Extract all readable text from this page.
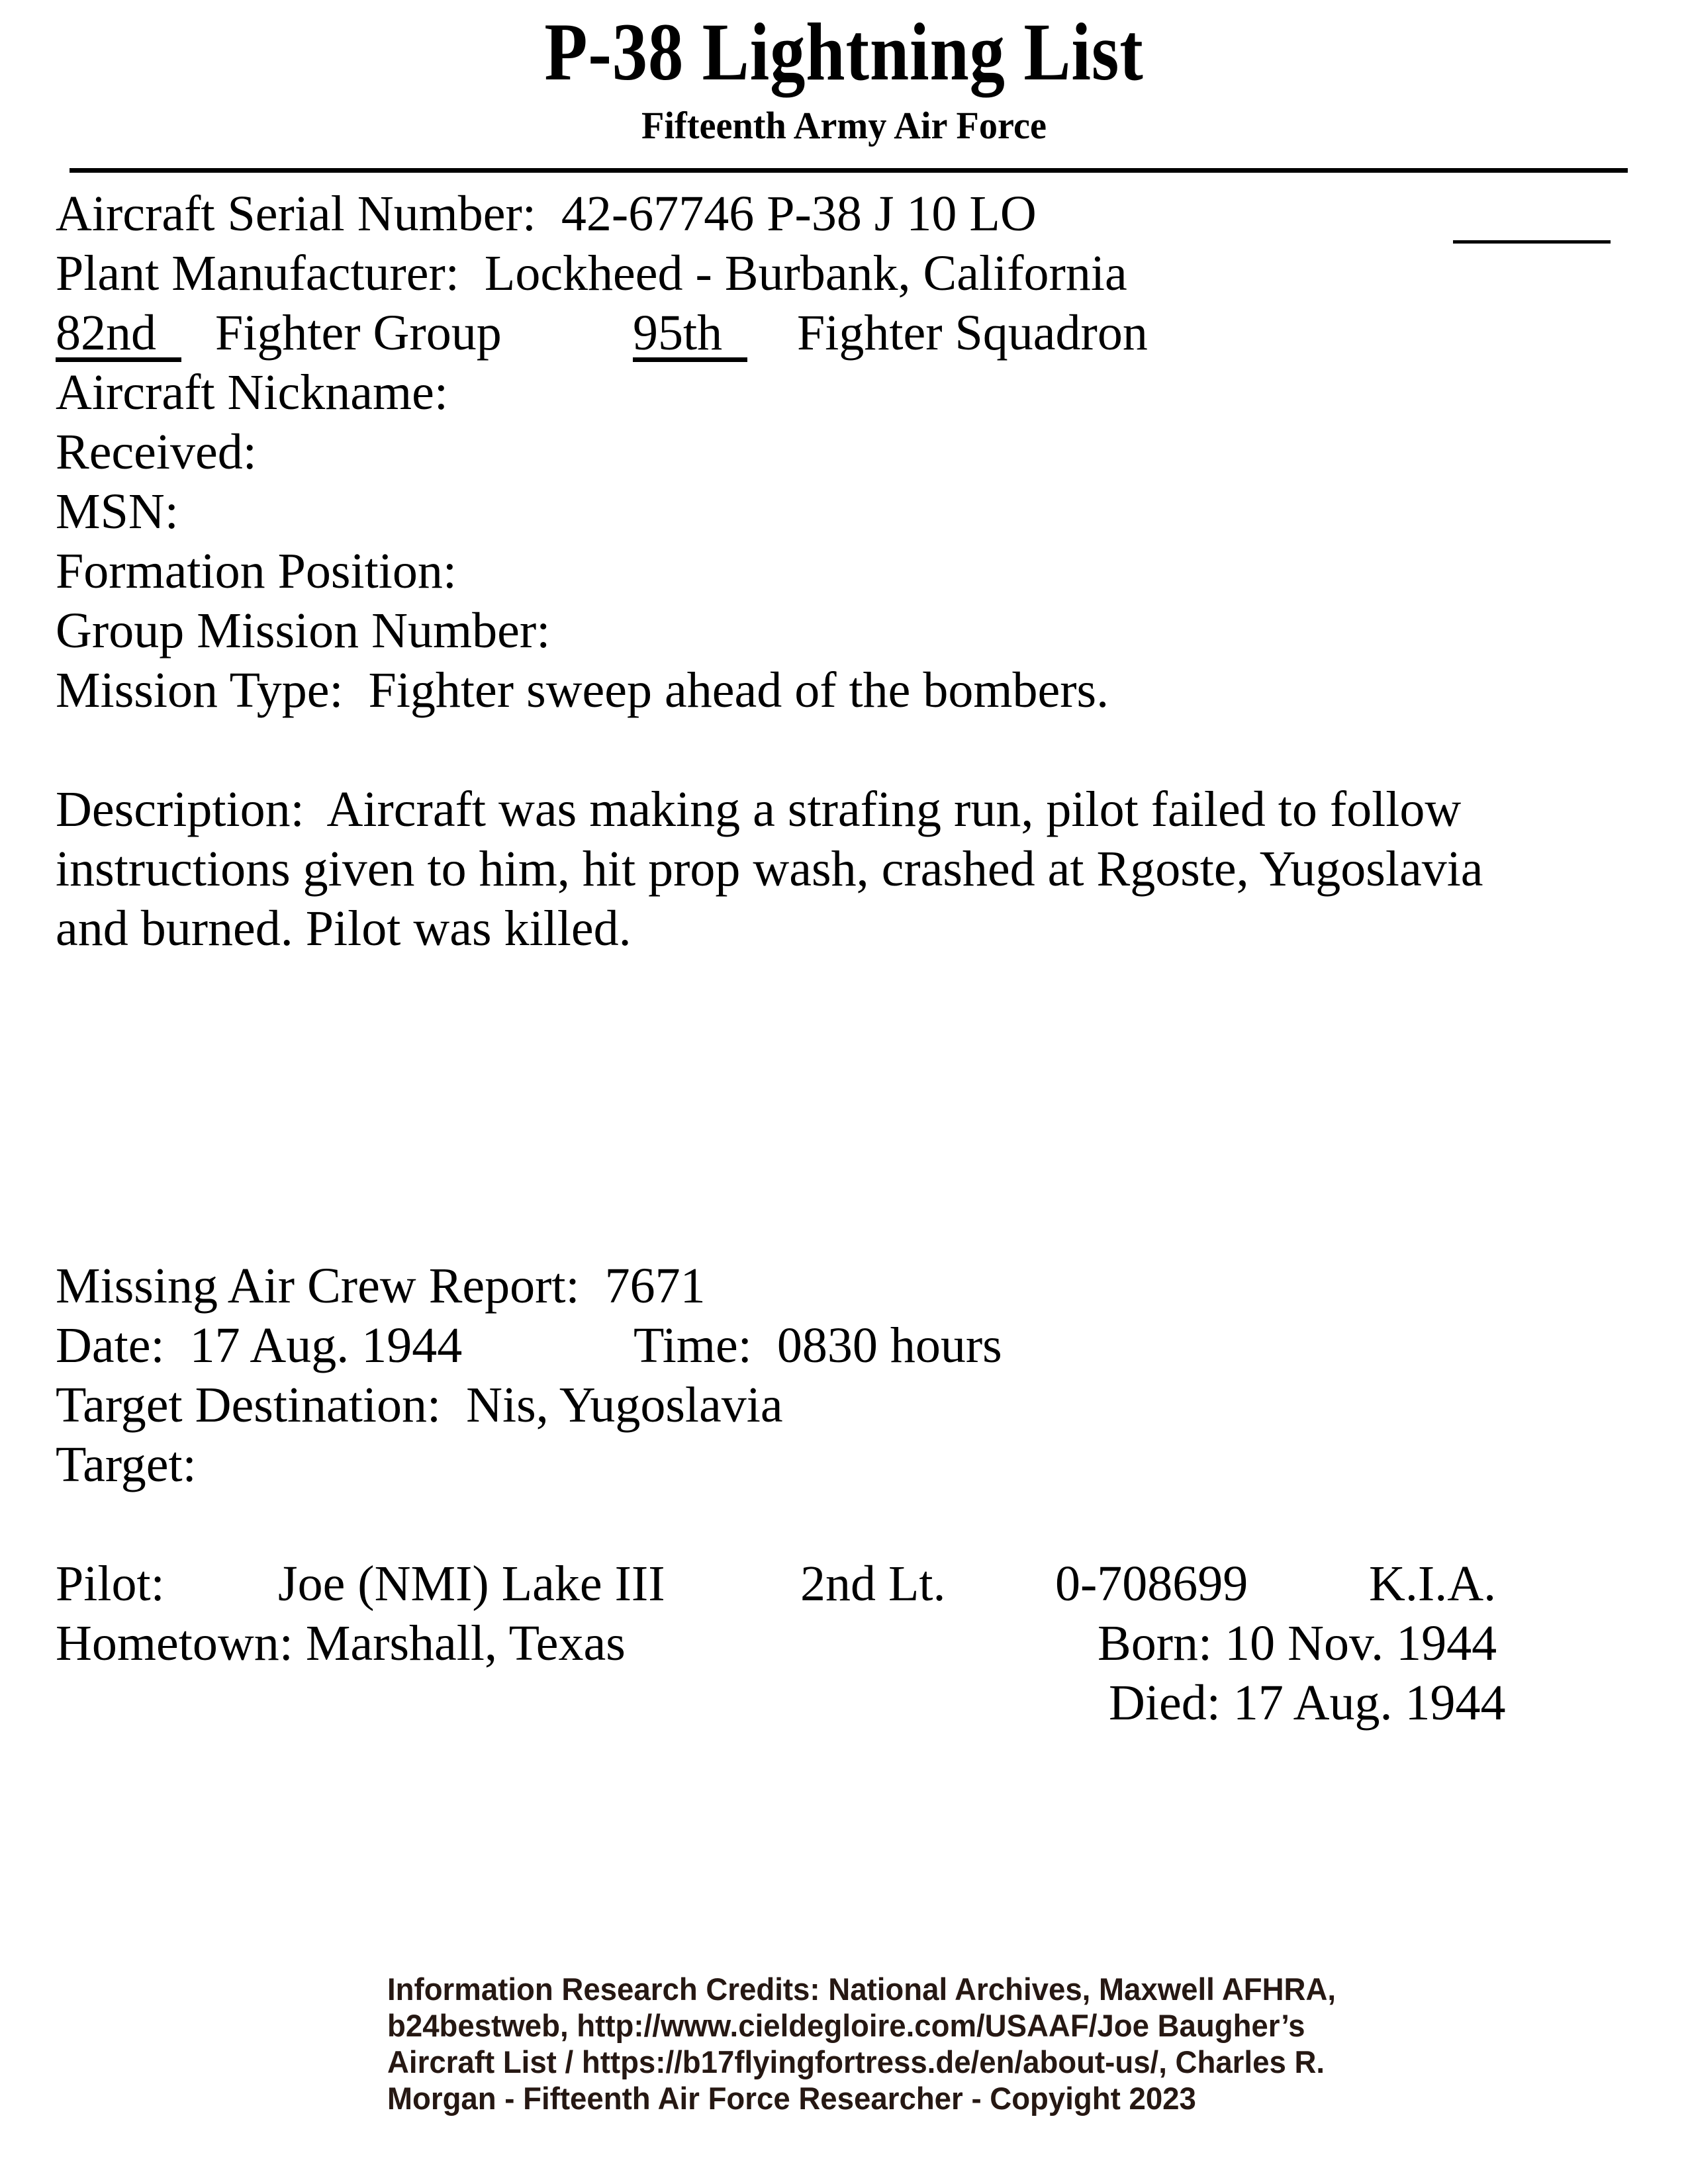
P-38 Lightning List
Fifteenth Army Air Force
Aircraft Serial Number:  42-67746 P-38 J 10 LO
Plant Manufacturer:  Lockheed - Burbank, California
82nd Fighter Group	95th Fighter Squadron
Aircraft Nickname:
Received:
MSN:
Formation Position:
Group Mission Number:
Mission Type:  Fighter sweep ahead of the bombers.
Description:  Aircraft was making a strafing run, pilot failed to follow
instructions given to him, hit prop wash, crashed at Rgoste, Yugoslavia
and burned. Pilot was killed.
Missing Air Crew Report:  7671
Date:  17 Aug. 1944	Time:  0830 hours
Target Destination:  Nis, Yugoslavia
Target:
Pilot: Joe (NMI) Lake III	2nd Lt. 0-708699 K.I.A.
Hometown: Marshall, Texas	Born: 10 Nov. 1944
Died: 17 Aug. 1944
Information Research Credits: National Archives, Maxwell AFHRA,
b24bestweb, http://www.cieldegloire.com/USAAF/Joe Baugher’s
Aircraft List / https://b17flyingfortress.de/en/about-us/, Charles R.
Morgan - Fifteenth Air Force Researcher - Copyight 2023
